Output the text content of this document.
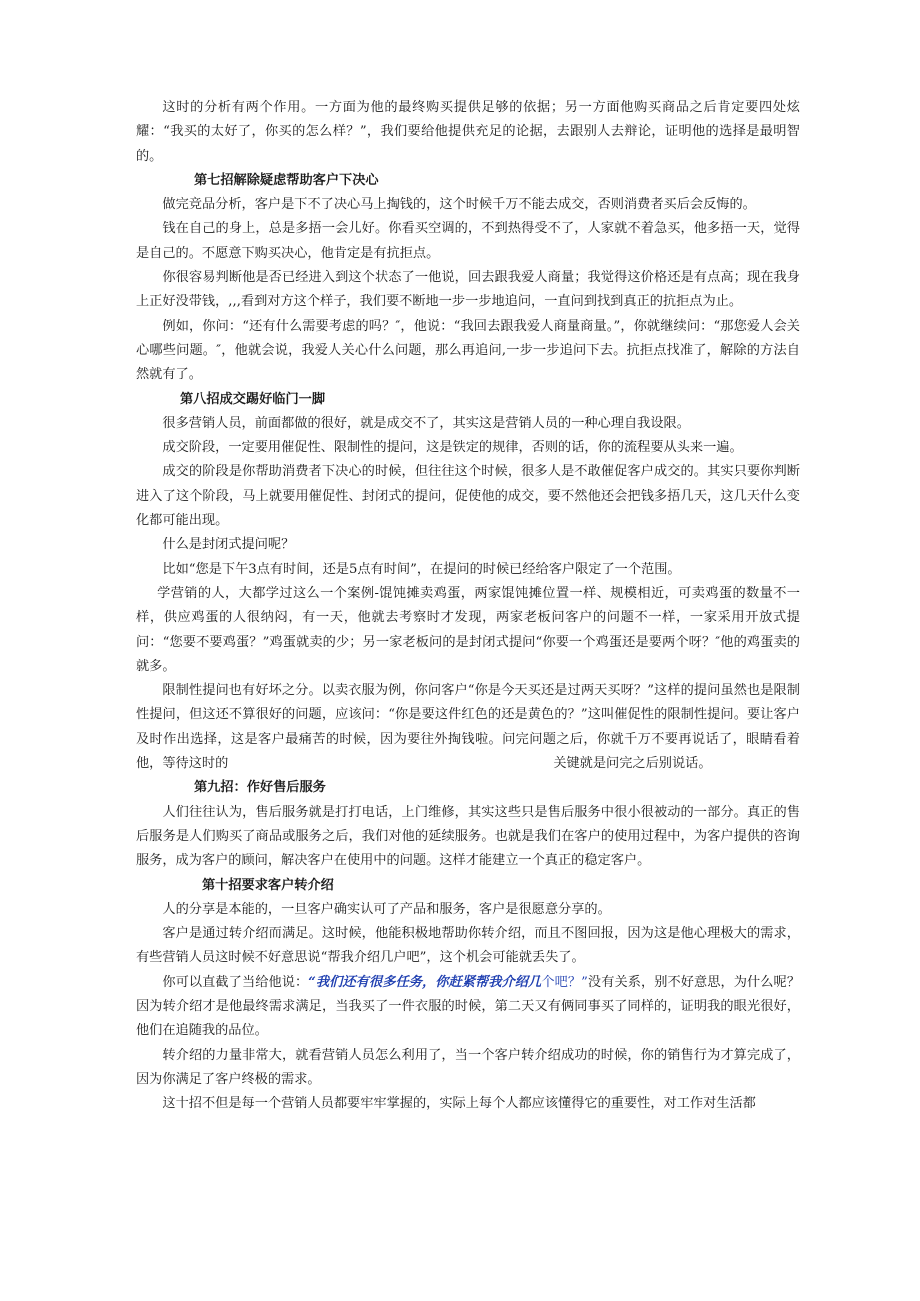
这时的分析有两个作用。一方面为他的最终购买提供足够的依据；另一方面他购买商品之后肯定要四处炫耀：“我买的太好了，你买的怎么样？”，我们要给他提供充足的论据，去跟别人去辩论，证明他的选择是最明智的。

第七招解除疑虑帮助客户下决心

做完竞品分析，客户是下不了决心马上掏钱的，这个时候千万不能去成交，否则消费者买后会反悔的。

钱在自己的身上，总是多捂一会儿好。你看买空调的，不到热得受不了，人家就不着急买，他多捂一天，觉得是自己的。不愿意下购买决心，他肯定是有抗拒点。

你很容易判断他是否已经进入到这个状态了一他说，回去跟我爱人商量；我觉得这价格还是有点高；现在我身上正好没带钱，,,,看到对方这个样子，我们要不断地一步一步地追问，一直问到找到真正的抗拒点为止。

例如，你问：“还有什么需要考虑的吗？″，他说：“我回去跟我爱人商量商量。”，你就继续问：“那您爱人会关心哪些问题。″，他就会说，我爱人关心什么问题，那么再追问,一步一步追问下去。抗拒点找准了，解除的方法自然就有了。

第八招成交踢好临门一脚

很多营销人员，前面都做的很好，就是成交不了，其实这是营销人员的一种心理自我设限。

成交阶段，一定要用催促性、限制性的提问，这是铁定的规律，否则的话，你的流程要从头来一遍。

成交的阶段是你帮助消费者下决心的时候，但往往这个时候，很多人是不敢催促客户成交的。其实只要你判断进入了这个阶段，马上就要用催促性、封闭式的提问，促使他的成交，要不然他还会把钱多捂几天，这几天什么变化都可能出现。

什么是封闭式提问呢？

比如“您是下午3点有时间，还是5点有时间”，在提问的时候已经给客户限定了一个范围。

学营销的人，大都学过这么一个案例-馄饨摊卖鸡蛋，两家馄饨摊位置一样、规模相近，可卖鸡蛋的数量不一样，供应鸡蛋的人很纳闷，有一天，他就去考察时才发现，两家老板问客户的问题不一样，一家采用开放式提问：“您要不要鸡蛋？”鸡蛋就卖的少；另一家老板问的是封闭式提问“你要一个鸡蛋还是要两个呀？″他的鸡蛋卖的就多。

限制性提问也有好坏之分。以卖衣服为例，你问客户“你是今天买还是过两天买呀？”这样的提问虽然也是限制性提问，但这还不算很好的问题，应该问：“你是要这件红色的还是黄色的？”这叫催促性的限制性提问。要让客户及时作出选择，这是客户最痛苦的时候，因为要往外掏钱啦。问完问题之后，你就千万不要再说话了，眼睛看着他，等待这时的	关键就是问完之后别说话。

第九招：作好售后服务

人们往往认为，售后服务就是打打电话，上门维修，其实这些只是售后服务中很小很被动的一部分。真正的售后服务是人们购买了商品或服务之后，我们对他的延续服务。也就是我们在客户的使用过程中，为客户提供的咨询服务，成为客户的顾问，解决客户在使用中的问题。这样才能建立一个真正的稳定客户。

第十招要求客户转介绍

人的分享是本能的，一旦客户确实认可了产品和服务，客户是很愿意分享的。

客户是通过转介绍而满足。这时候，他能积极地帮助你转介绍，而且不图回报，因为这是他心理极大的需求，有些营销人员这时候不好意思说“帮我介绍几户吧”，这个机会可能就丢失了。

你可以直截了当给他说：“我们还有很多任务，你赶紧帮我介绍几个吧？”没有关系，别不好意思，为什么呢？因为转介绍才是他最终需求满足，当我买了一件衣服的时候，第二天又有俩同事买了同样的，证明我的眼光很好，他们在追随我的品位。

转介绍的力量非常大，就看营销人员怎么利用了，当一个客户转介绍成功的时候，你的销售行为才算完成了，因为你满足了客户终极的需求。

这十招不但是每一个营销人员都要牢牢掌握的，实际上每个人都应该懂得它的重要性，对工作对生活都
